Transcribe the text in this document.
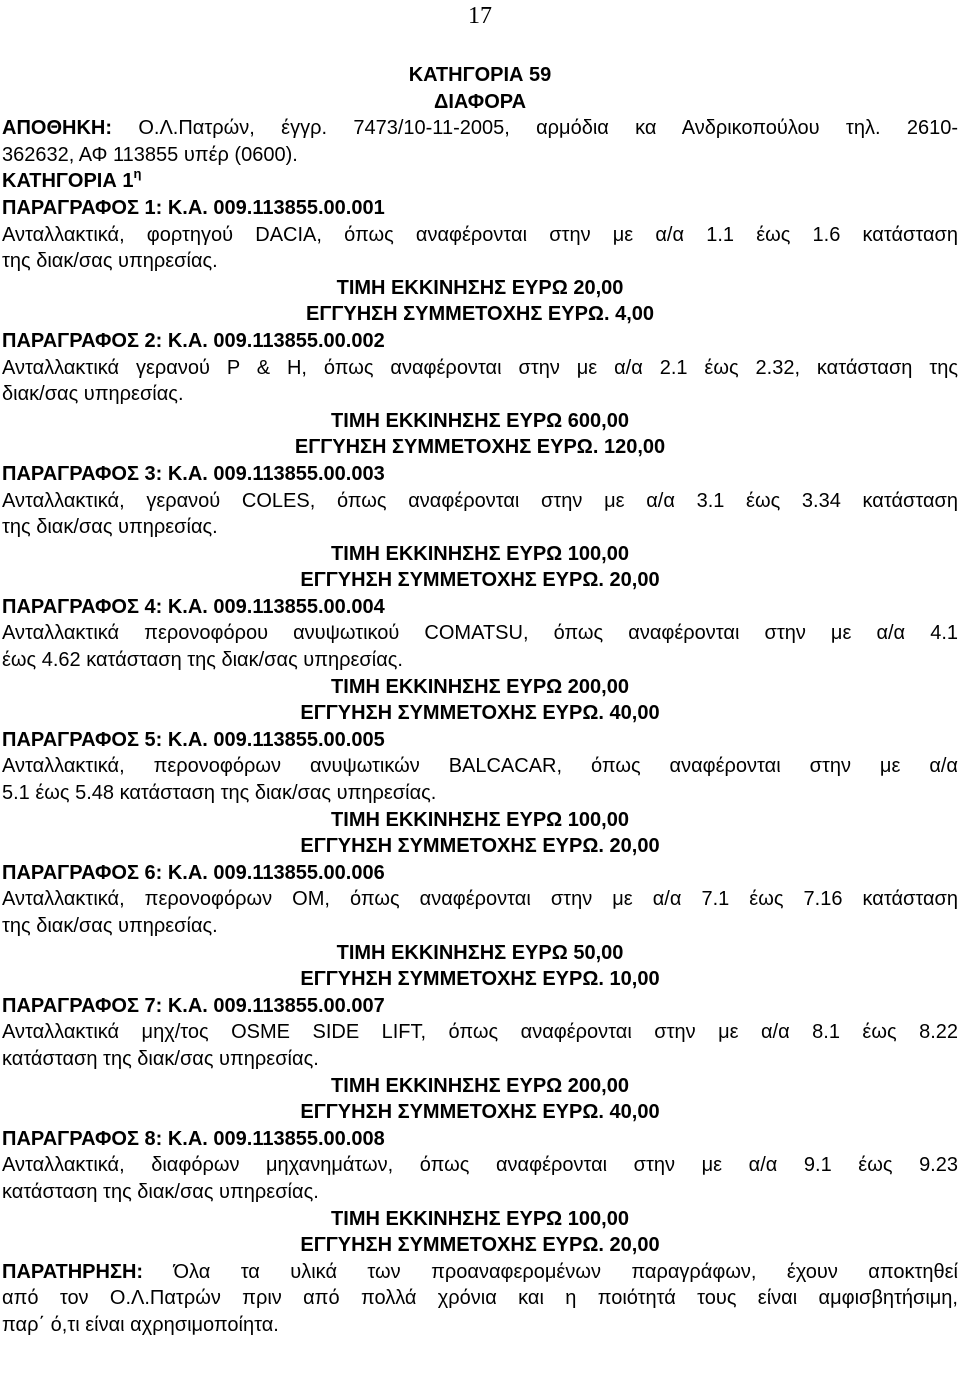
17
ΚΑΤΗΓΟΡΙΑ 59
ΔΙΑΦΟΡΑ
ΑΠΟΘΗΚΗ: Ο.Λ.Πατρών, έγγρ. 7473/10-11-2005, αρμόδια κα Ανδρικοπούλου τηλ. 2610-
362632, ΑΦ 113855 υπέρ (0600).
ΚΑΤΗΓΟΡΙΑ $1^\eta$
ΠΑΡΑΓΡΑΦΟΣ 1: Κ.Α. 009.113855.00.001
Ανταλλακτικά, φορτηγού DACIA, όπως αναφέρονται στην με α/α 1.1 έως 1.6 κατάσταση
της διακ/σας υπηρεσίας.
ΤΙΜΗ ΕΚΚΙΝΗΣΗΣ ΕΥΡΩ 20,00
ΕΓΓΥΗΣΗ ΣΥΜΜΕΤΟΧΗΣ ΕΥΡΩ. 4,00
ΠΑΡΑΓΡΑΦΟΣ 2: Κ.Α. 009.113855.00.002
Ανταλλακτικά γερανού P & H, όπως αναφέρονται στην με α/α 2.1 έως 2.32, κατάσταση της
διακ/σας υπηρεσίας.
ΤΙΜΗ ΕΚΚΙΝΗΣΗΣ ΕΥΡΩ 600,00
ΕΓΓΥΗΣΗ ΣΥΜΜΕΤΟΧΗΣ ΕΥΡΩ. 120,00
ΠΑΡΑΓΡΑΦΟΣ 3: Κ.Α. 009.113855.00.003
Ανταλλακτικά, γερανού COLES, όπως αναφέρονται στην με α/α 3.1 έως 3.34 κατάσταση
της διακ/σας υπηρεσίας.
ΤΙΜΗ ΕΚΚΙΝΗΣΗΣ ΕΥΡΩ 100,00
ΕΓΓΥΗΣΗ ΣΥΜΜΕΤΟΧΗΣ ΕΥΡΩ. 20,00
ΠΑΡΑΓΡΑΦΟΣ 4: Κ.Α. 009.113855.00.004
Ανταλλακτικά περονοφόρου ανυψωτικού COMATSU, όπως αναφέρονται στην με α/α 4.1
έως 4.62 κατάσταση της διακ/σας υπηρεσίας.
ΤΙΜΗ ΕΚΚΙΝΗΣΗΣ ΕΥΡΩ 200,00
ΕΓΓΥΗΣΗ ΣΥΜΜΕΤΟΧΗΣ ΕΥΡΩ. 40,00
ΠΑΡΑΓΡΑΦΟΣ 5: Κ.Α. 009.113855.00.005
Ανταλλακτικά, περονοφόρων ανυψωτικών BALCACAR, όπως αναφέρονται στην με α/α
5.1 έως 5.48 κατάσταση της διακ/σας υπηρεσίας.
ΤΙΜΗ ΕΚΚΙΝΗΣΗΣ ΕΥΡΩ 100,00
ΕΓΓΥΗΣΗ ΣΥΜΜΕΤΟΧΗΣ ΕΥΡΩ. 20,00
ΠΑΡΑΓΡΑΦΟΣ 6: Κ.Α. 009.113855.00.006
Ανταλλακτικά, περονοφόρων ΟΜ, όπως αναφέρονται στην με α/α 7.1 έως 7.16 κατάσταση
της διακ/σας υπηρεσίας.
ΤΙΜΗ ΕΚΚΙΝΗΣΗΣ ΕΥΡΩ 50,00
ΕΓΓΥΗΣΗ ΣΥΜΜΕΤΟΧΗΣ ΕΥΡΩ. 10,00
ΠΑΡΑΓΡΑΦΟΣ 7: Κ.Α. 009.113855.00.007
Ανταλλακτικά μηχ/τος OSME SIDE LIFT, όπως αναφέρονται στην με α/α 8.1 έως 8.22
κατάσταση της διακ/σας υπηρεσίας.
ΤΙΜΗ ΕΚΚΙΝΗΣΗΣ ΕΥΡΩ 200,00
ΕΓΓΥΗΣΗ ΣΥΜΜΕΤΟΧΗΣ ΕΥΡΩ. 40,00
ΠΑΡΑΓΡΑΦΟΣ 8: Κ.Α. 009.113855.00.008
Ανταλλακτικά, διαφόρων μηχανημάτων, όπως αναφέρονται στην με α/α 9.1 έως 9.23
κατάσταση της διακ/σας υπηρεσίας.
ΤΙΜΗ ΕΚΚΙΝΗΣΗΣ ΕΥΡΩ 100,00
ΕΓΓΥΗΣΗ ΣΥΜΜΕΤΟΧΗΣ ΕΥΡΩ. 20,00
ΠΑΡΑΤΗΡΗΣΗ: Όλα τα υλικά των προαναφερομένων παραγράφων, έχουν αποκτηθεί
από τον Ο.Λ.Πατρών πριν από πολλά χρόνια και η ποιότητά τους είναι αμφισβητήσιμη,
παρ΄ ό,τι είναι αχρησιμοποίητα.
